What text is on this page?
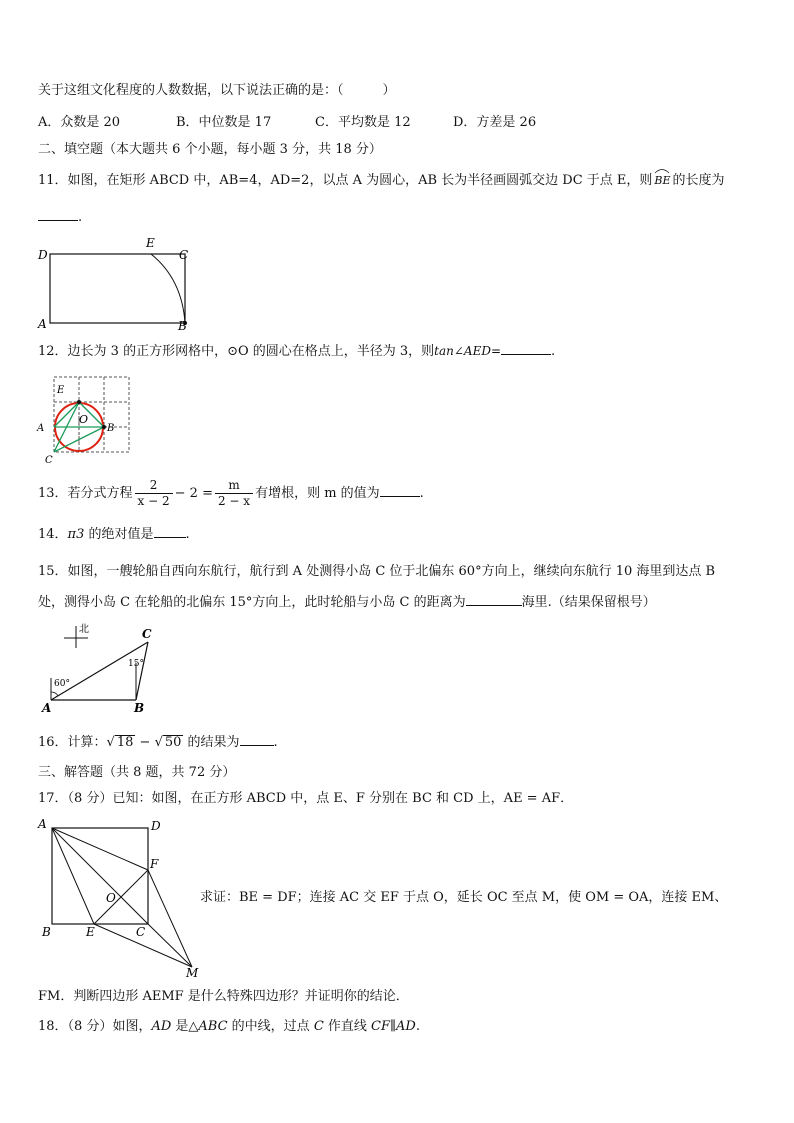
关于这组文化程度的人数数据，以下说法正确的是：（　　　）
A．众数是 20	B．中位数是 17	C．平均数是 12	D．方差是 26
二、填空题（本大题共 6 个小题，每小题 3 分，共 18 分）
11．如图，在矩形 ABCD 中，AB=4，AD=2，以点 A 为圆心，AB 长为半径画圆弧交边 DC 于点 E，则 BE 的长度为
.
D
E
C
A	B
12．边长为 3 的正方形网格中，⊙O 的圆心在格点上，半径为 3，则tan∠AED=	.
E
O
A	B
C
13．若分式方程 $\frac{2}{x - 2} - 2 = \frac{m}{2 - x}$ 有增根，则 m 的值为	.
14．π3 的绝对值是 .
15．如图，一艘轮船自西向东航行，航行到 A 处测得小岛 C 位于北偏东 60°方向上，继续向东航行 10 海里到达点 B
处，测得小岛 C 在轮船的北偏东 15°方向上，此时轮船与小岛 C 的距离为	海里.（结果保留根号）
北
60°
15°
C
A	B
16．计算：√ 18 − √ 50 的结果为	.
三、解答题（共 8 题，共 72 分）
17．（8 分）已知：如图，在正方形 ABCD 中，点 E、F 分别在 BC 和 CD 上，AE = AF．
A	D
F
O
B	E	C
M
求证：BE = DF；连接 AC 交 EF 于点 O，延长 OC 至点 M，使 OM = OA，连接 EM、
FM．判断四边形 AEMF 是什么特殊四边形？并证明你的结论．
18．（8 分）如图，AD 是△ABC 的中线，过点 C 作直线 CF∥AD.
